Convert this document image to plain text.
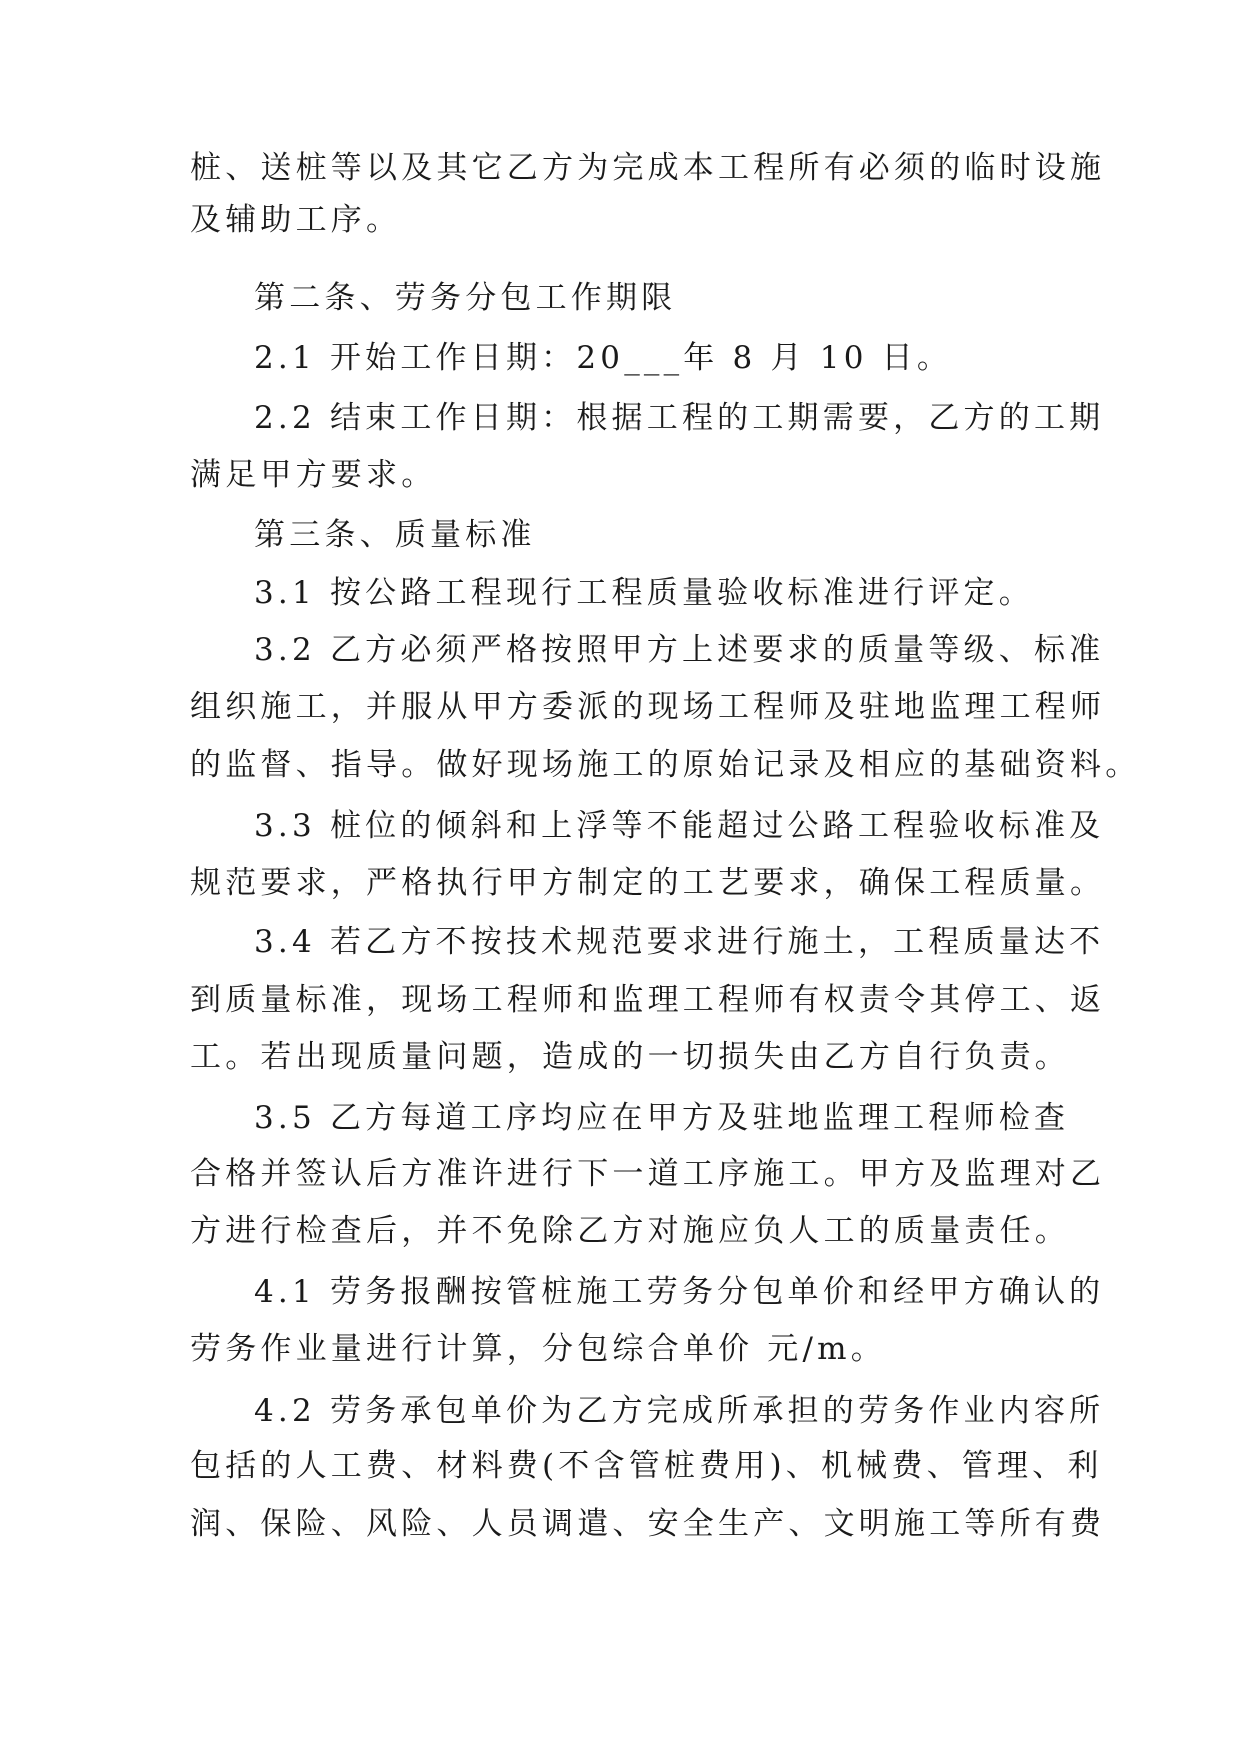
桩、送桩等以及其它乙方为完成本工程所有必须的临时设施
及辅助工序。
第二条、劳务分包工作期限
2.1 开始工作日期：20___年 8 月 10 日。
2.2 结束工作日期：根据工程的工期需要，乙方的工期
满足甲方要求。
第三条、质量标准
3.1 按公路工程现行工程质量验收标准进行评定。
3.2 乙方必须严格按照甲方上述要求的质量等级、标准
组织施工，并服从甲方委派的现场工程师及驻地监理工程师
的监督、指导。做好现场施工的原始记录及相应的基础资料。
3.3 桩位的倾斜和上浮等不能超过公路工程验收标准及
规范要求，严格执行甲方制定的工艺要求，确保工程质量。
3.4 若乙方不按技术规范要求进行施土，工程质量达不
到质量标准，现场工程师和监理工程师有权责令其停工、返
工。若出现质量问题，造成的一切损失由乙方自行负责。
3.5 乙方每道工序均应在甲方及驻地监理工程师检查
合格并签认后方准许进行下一道工序施工。甲方及监理对乙
方进行检查后，并不免除乙方对施应负人工的质量责任。
4.1 劳务报酬按管桩施工劳务分包单价和经甲方确认的
劳务作业量进行计算，分包综合单价 元/m。
4.2 劳务承包单价为乙方完成所承担的劳务作业内容所
包括的人工费、材料费(不含管桩费用)、机械费、管理、利
润、保险、风险、人员调遣、安全生产、文明施工等所有费
